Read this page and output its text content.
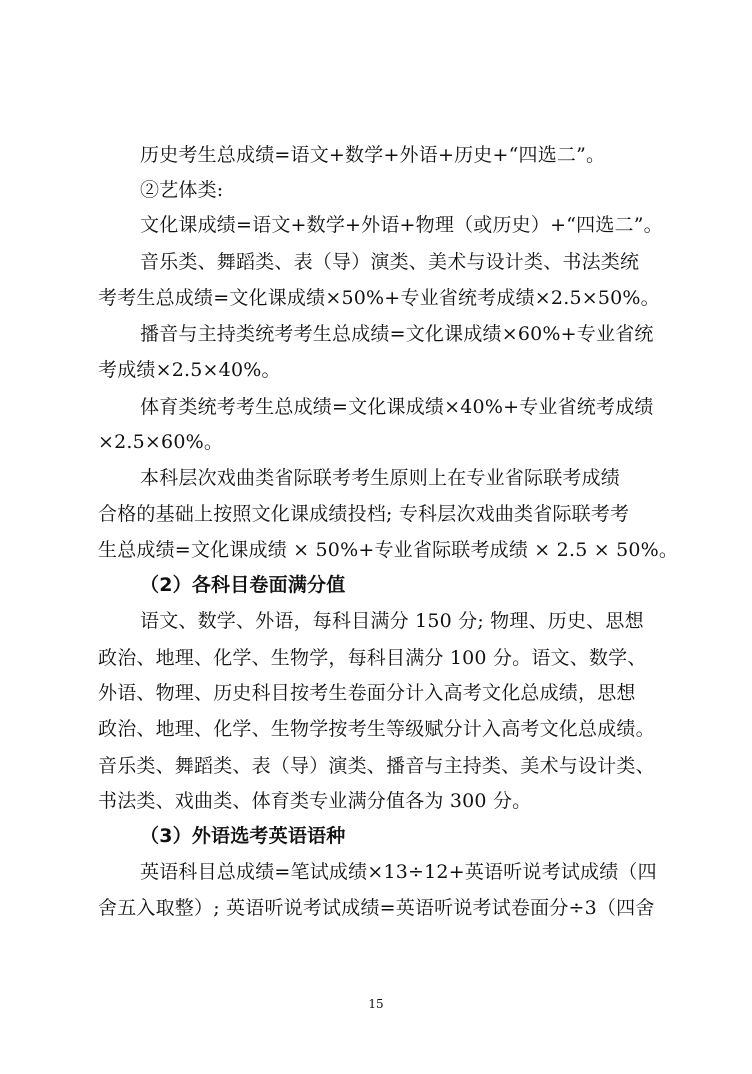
历史考生总成绩=语文+数学+外语+历史+“四选二”。
②艺体类:
文化课成绩=语文+数学+外语+物理（或历史）+“四选二”。
音乐类、舞蹈类、表（导）演类、美术与设计类、书法类统
考考生总成绩=文化课成绩×50%+专业省统考成绩×2.5×50%。
播音与主持类统考考生总成绩=文化课成绩×60%+专业省统
考成绩×2.5×40%。
体育类统考考生总成绩=文化课成绩×40%+专业省统考成绩
×2.5×60%。
本科层次戏曲类省际联考考生原则上在专业省际联考成绩
合格的基础上按照文化课成绩投档; 专科层次戏曲类省际联考考
生总成绩=文化课成绩 × 50%+专业省际联考成绩 × 2.5 × 50%。
（2）各科目卷面满分值
语文、数学、外语，每科目满分 150 分; 物理、历史、思想
政治、地理、化学、生物学，每科目满分 100 分。语文、数学、
外语、物理、历史科目按考生卷面分计入高考文化总成绩，思想
政治、地理、化学、生物学按考生等级赋分计入高考文化总成绩。
音乐类、舞蹈类、表（导）演类、播音与主持类、美术与设计类、
书法类、戏曲类、体育类专业满分值各为 300 分。
（3）外语选考英语语种
英语科目总成绩=笔试成绩×13÷12+英语听说考试成绩（四
舍五入取整）; 英语听说考试成绩=英语听说考试卷面分÷3（四舍
15
